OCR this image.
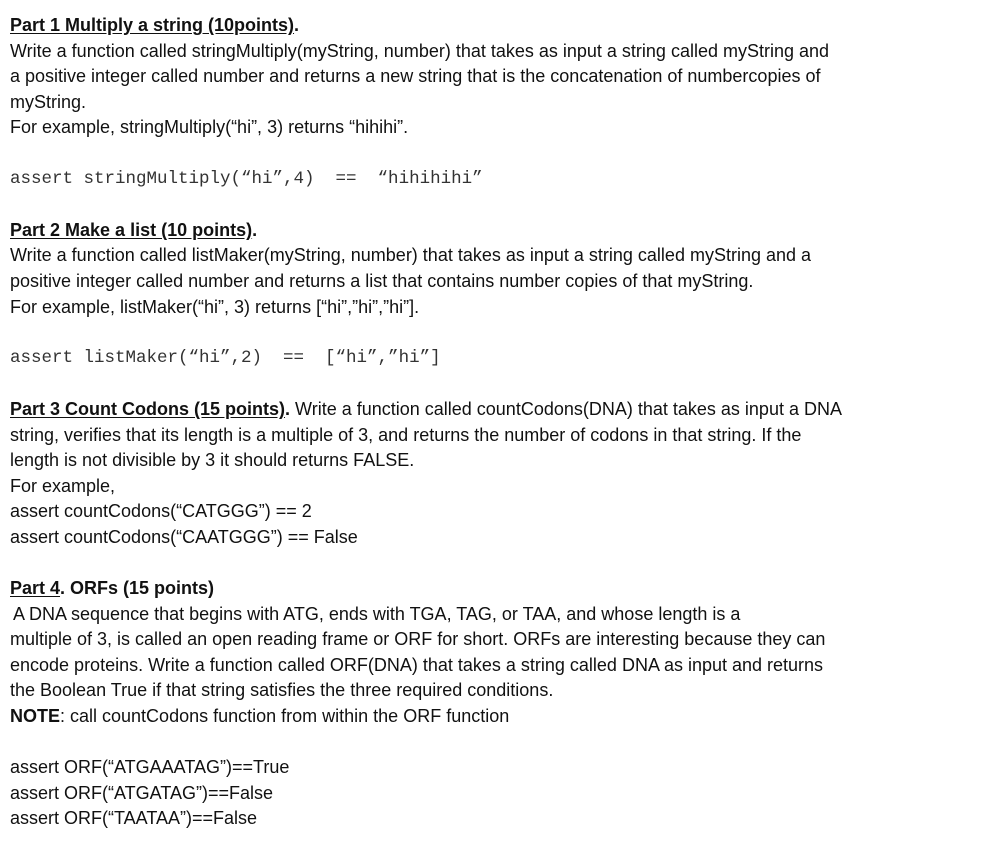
Part 1 Multiply a string (10points).
Write a function called stringMultiply(myString, number) that takes as input a string called myString and
a positive integer called number and returns a new string that is the concatenation of numbercopies of
myString.
For example, stringMultiply(“hi”, 3) returns “hihihi”.
assert stringMultiply(“hi”,4)  ==  “hihihihi”
Part 2 Make a list (10 points).
Write a function called listMaker(myString, number) that takes as input a string called myString and a
positive integer called number and returns a list that contains number copies of that myString.
For example, listMaker(“hi”, 3) returns [“hi”,”hi”,”hi”].
assert listMaker(“hi”,2)  ==  [“hi”,”hi”]
Part 3 Count Codons (15 points). Write a function called countCodons(DNA) that takes as input a DNA
string, verifies that its length is a multiple of 3, and returns the number of codons in that string. If the
length is not divisible by 3 it should returns FALSE.
For example,
assert countCodons(“CATGGG”) == 2
assert countCodons(“CAATGGG”) == False
Part 4. ORFs (15 points)
A DNA sequence that begins with ATG, ends with TGA, TAG, or TAA, and whose length is a
multiple of 3, is called an open reading frame or ORF for short. ORFs are interesting because they can
encode proteins. Write a function called ORF(DNA) that takes a string called DNA as input and returns
the Boolean True if that string satisfies the three required conditions.
NOTE: call countCodons function from within the ORF function
assert ORF(“ATGAAATAG”)==True
assert ORF(“ATGATAG”)==False
assert ORF(“TAATAA”)==False
